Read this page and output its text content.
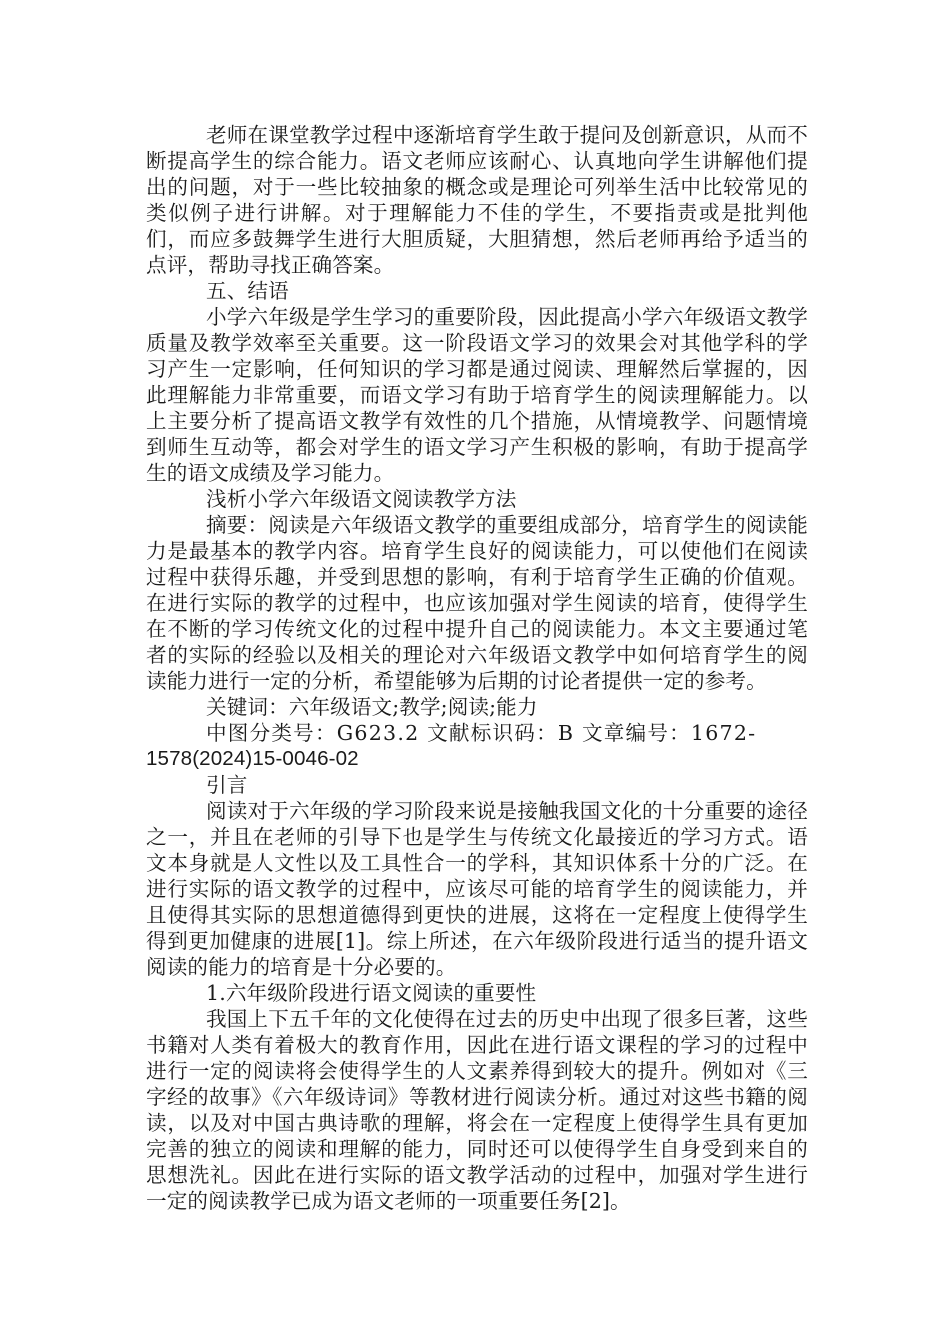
老师在课堂教学过程中逐渐培育学生敢于提问及创新意识，从而不断提高学生的综合能力。语文老师应该耐心、认真地向学生讲解他们提出的问题，对于一些比较抽象的概念或是理论可列举生活中比较常见的类似例子进行讲解。对于理解能力不佳的学生，不要指责或是批判他们，而应多鼓舞学生进行大胆质疑，大胆猜想，然后老师再给予适当的点评，帮助寻找正确答案。

五、结语

小学六年级是学生学习的重要阶段，因此提高小学六年级语文教学质量及教学效率至关重要。这一阶段语文学习的效果会对其他学科的学习产生一定影响，任何知识的学习都是通过阅读、理解然后掌握的，因此理解能力非常重要，而语文学习有助于培育学生的阅读理解能力。以上主要分析了提高语文教学有效性的几个措施，从情境教学、问题情境到师生互动等，都会对学生的语文学习产生积极的影响，有助于提高学生的语文成绩及学习能力。

浅析小学六年级语文阅读教学方法

摘要：阅读是六年级语文教学的重要组成部分，培育学生的阅读能力是最基本的教学内容。培育学生良好的阅读能力，可以使他们在阅读过程中获得乐趣，并受到思想的影响，有利于培育学生正确的价值观。在进行实际的教学的过程中，也应该加强对学生阅读的培育，使得学生在不断的学习传统文化的过程中提升自己的阅读能力。本文主要通过笔者的实际的经验以及相关的理论对六年级语文教学中如何培育学生的阅读能力进行一定的分析，希望能够为后期的讨论者提供一定的参考。

关键词：六年级语文;教学;阅读;能力

中图分类号：G623.2 文献标识码：B 文章编号：1672-

1578(2024)15-0046-02

引言

阅读对于六年级的学习阶段来说是接触我国文化的十分重要的途径之一，并且在老师的引导下也是学生与传统文化最接近的学习方式。语文本身就是人文性以及工具性合一的学科，其知识体系十分的广泛。在进行实际的语文教学的过程中，应该尽可能的培育学生的阅读能力，并且使得其实际的思想道德得到更快的进展，这将在一定程度上使得学生得到更加健康的进展[1]。综上所述，在六年级阶段进行适当的提升语文阅读的能力的培育是十分必要的。

1.六年级阶段进行语文阅读的重要性

我国上下五千年的文化使得在过去的历史中出现了很多巨著，这些书籍对人类有着极大的教育作用，因此在进行语文课程的学习的过程中进行一定的阅读将会使得学生的人文素养得到较大的提升。例如对《三字经的故事》《六年级诗词》等教材进行阅读分析。通过对这些书籍的阅读，以及对中国古典诗歌的理解，将会在一定程度上使得学生具有更加完善的独立的阅读和理解的能力，同时还可以使得学生自身受到来自的思想洗礼。因此在进行实际的语文教学活动的过程中，加强对学生进行一定的阅读教学已成为语文老师的一项重要任务[2]。
